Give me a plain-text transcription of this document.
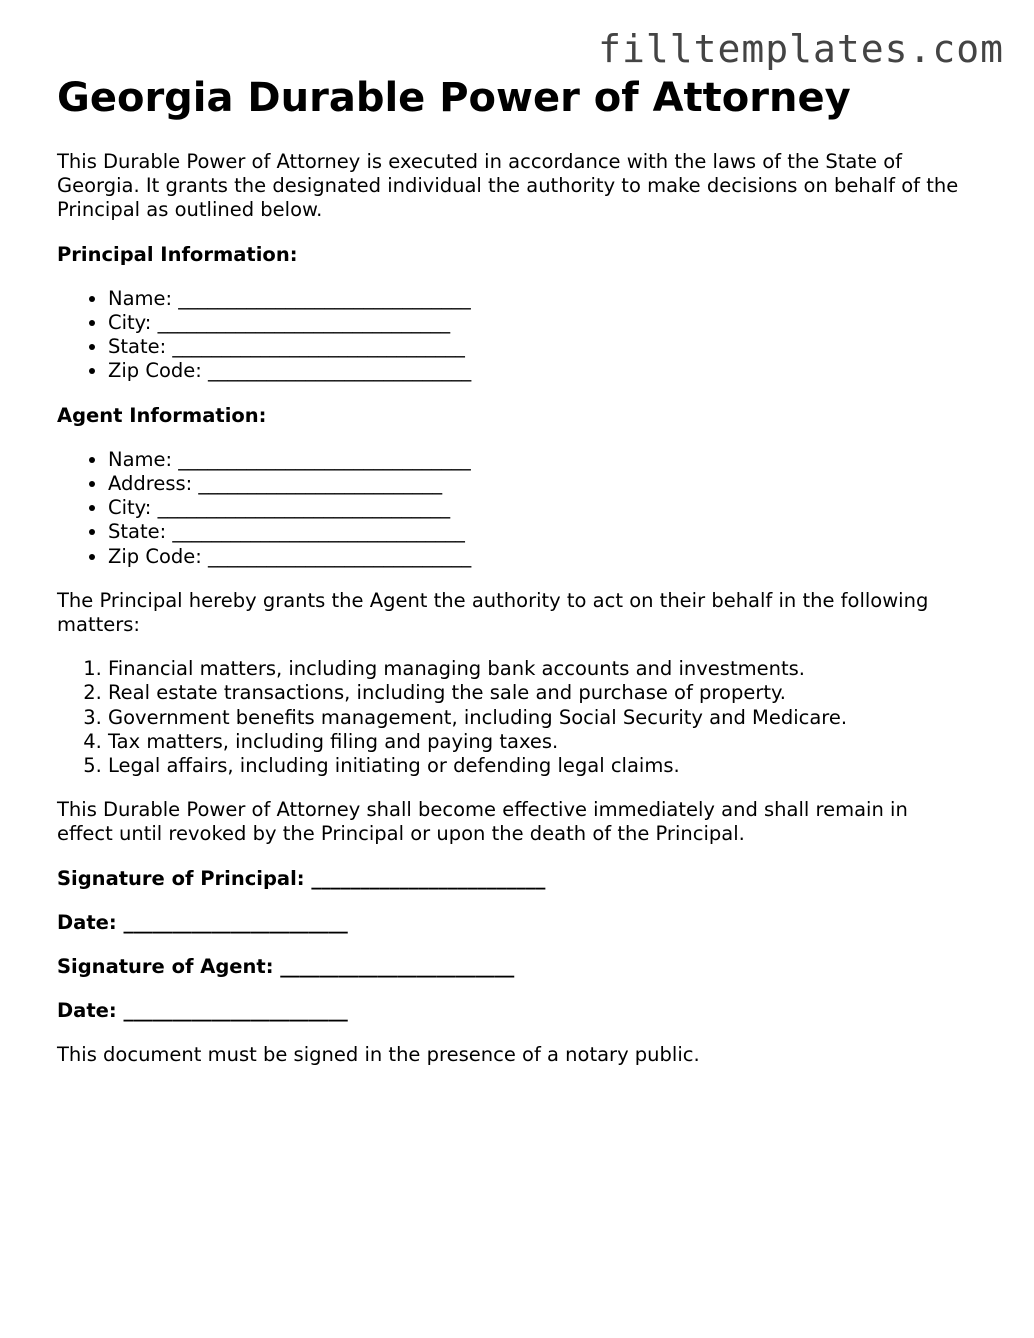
filltemplates.com
Georgia Durable Power of Attorney

This Durable Power of Attorney is executed in accordance with the laws of the State of Georgia. It grants the designated individual the authority to make decisions on behalf of the Principal as outlined below.

Principal Information:

• Name: ______________________________
• City: ______________________________
• State: ______________________________
• Zip Code: ___________________________

Agent Information:

• Name: ______________________________
• Address: _________________________
• City: ______________________________
• State: ______________________________
• Zip Code: ___________________________

The Principal hereby grants the Agent the authority to act on their behalf in the following matters:

1. Financial matters, including managing bank accounts and investments.
2. Real estate transactions, including the sale and purchase of property.
3. Government benefits management, including Social Security and Medicare.
4. Tax matters, including filing and paying taxes.
5. Legal affairs, including initiating or defending legal claims.

This Durable Power of Attorney shall become effective immediately and shall remain in effect until revoked by the Principal or upon the death of the Principal.

Signature of Principal: ________________________

Date: _______________________

Signature of Agent: ________________________

Date: _______________________

This document must be signed in the presence of a notary public.
